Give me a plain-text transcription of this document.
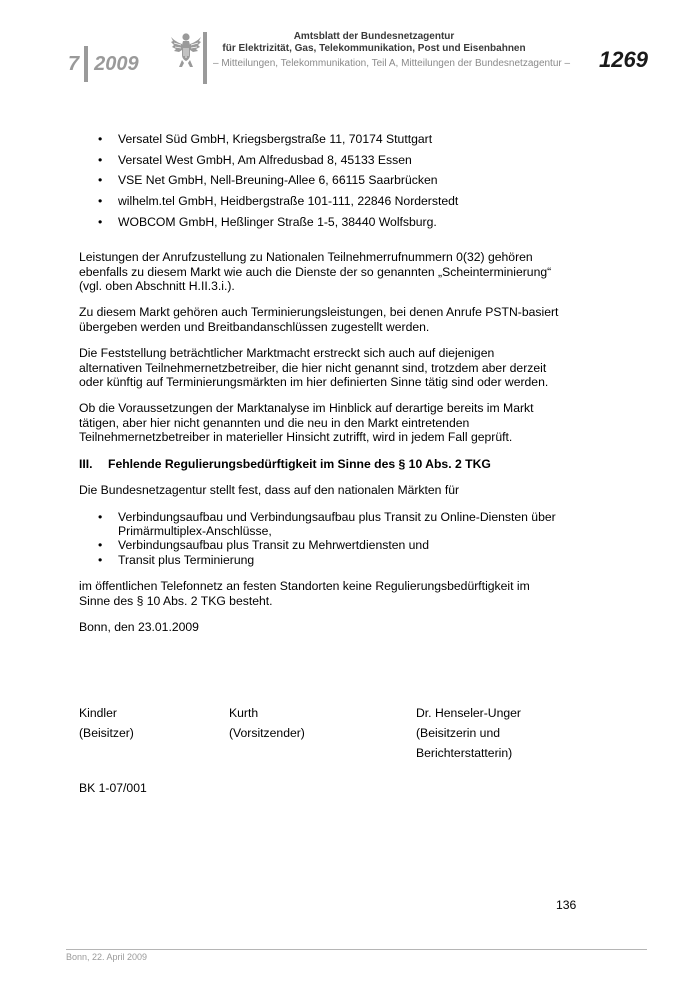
7 2009
Amtsblatt der Bundesnetzagentur
für Elektrizität, Gas, Telekommunikation, Post und Eisenbahnen
– Mitteilungen, Telekommunikation, Teil A, Mitteilungen der Bundesnetzagentur – 1269
• Versatel Süd GmbH, Kriegsbergstraße 11, 70174 Stuttgart
• Versatel West GmbH, Am Alfredusbad 8, 45133 Essen
• VSE Net GmbH, Nell-Breuning-Allee 6, 66115 Saarbrücken
• wilhelm.tel GmbH, Heidbergstraße 101-111, 22846 Norderstedt
• WOBCOM GmbH, Heßlinger Straße 1-5, 38440 Wolfsburg.

Leistungen der Anrufzustellung zu Nationalen Teilnehmerrufnummern 0(32) gehören ebenfalls zu diesem Markt wie auch die Dienste der so genannten „Scheinterminierung“ (vgl. oben Abschnitt H.II.3.i.).

Zu diesem Markt gehören auch Terminierungsleistungen, bei denen Anrufe PSTN-basiert übergeben werden und Breitbandanschlüssen zugestellt werden.

Die Feststellung beträchtlicher Marktmacht erstreckt sich auch auf diejenigen alternativen Teilnehmernetzbetreiber, die hier nicht genannt sind, trotzdem aber derzeit oder künftig auf Terminierungsmärkten im hier definierten Sinne tätig sind oder werden.

Ob die Voraussetzungen der Marktanalyse im Hinblick auf derartige bereits im Markt tätigen, aber hier nicht genannten und die neu in den Markt eintretenden Teilnehmernetzbetreiber in materieller Hinsicht zutrifft, wird in jedem Fall geprüft.

III.	Fehlende Regulierungsbedürftigkeit im Sinne des § 10 Abs. 2 TKG

Die Bundesnetzagentur stellt fest, dass auf den nationalen Märkten für

• Verbindungsaufbau und Verbindungsaufbau plus Transit zu Online-Diensten über Primärmultiplex-Anschlüsse,
• Verbindungsaufbau plus Transit zu Mehrwertdiensten und
• Transit plus Terminierung

im öffentlichen Telefonnetz an festen Standorten keine Regulierungsbedürftigkeit im Sinne des § 10 Abs. 2 TKG besteht.

Bonn, den 23.01.2009

Kindler
(Beisitzer)
Kurth
(Vorsitzender)
Dr. Henseler-Unger
(Beisitzerin und
Berichterstatterin)
BK 1-07/001
136
Bonn, 22. April 2009
